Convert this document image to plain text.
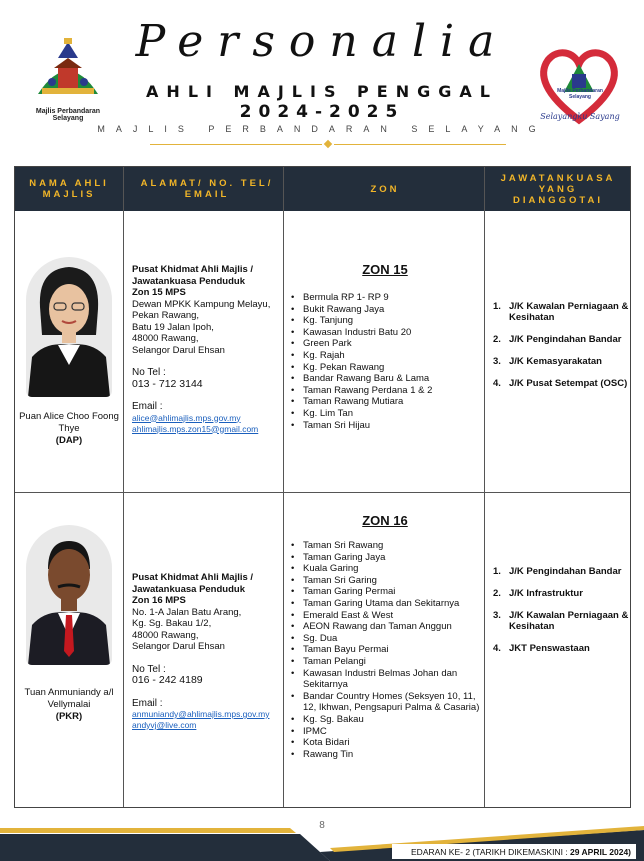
Majlis Perbandaran Selayang
Personalia
AHLI MAJLIS PENGGAL
2024-2025
MAJLIS PERBANDARAN SELAYANG
Majlis Perbandaran Selayang
Selayangku Sayang
NAMA AHLI MAJLIS
ALAMAT/ NO. TEL/ EMAIL	ZON
JAWATANKUASA YANG DIANGGOTAI
Puan Alice Choo Foong Thye
(DAP)
Pusat Khidmat Ahli Majlis / Jawatankuasa Penduduk
Zon 15 MPS
Dewan MPKK Kampung Melayu,
Pekan Rawang,
Batu 19 Jalan Ipoh,
48000 Rawang,
Selangor Darul Ehsan
No Tel :
013 - 712 3144
Email :
alice@ahlimajlis.mps.gov.my
ahlimajlis.mps.zon15@gmail.com
ZON 15
• Bermula RP 1- RP 9
• Bukit Rawang Jaya
• Kg. Tanjung
• Kawasan Industri Batu 20
• Green Park
• Kg. Rajah
• Kg. Pekan Rawang
• Bandar Rawang Baru & Lama
• Taman Rawang Perdana 1 & 2
• Taman Rawang Mutiara
• Kg. Lim Tan
• Taman Sri Hijau
1. J/K Kawalan Perniagaan & Kesihatan
2. J/K Pengindahan Bandar
3. J/K Kemasyarakatan
4. J/K Pusat Setempat (OSC)
Tuan Anmuniandy a/l Vellymalai
(PKR)
Pusat Khidmat Ahli Majlis / Jawatankuasa Penduduk
Zon 16 MPS
No. 1-A Jalan Batu Arang,
Kg. Sg. Bakau 1/2,
48000 Rawang,
Selangor Darul Ehsan
No Tel :
016 - 242 4189
Email :
anmuniandy@ahlimajlis.mps.gov.my
andyvj@live.com
ZON 16
• Taman Sri Rawang
• Taman Garing Jaya
• Kuala Garing
• Taman Sri Garing
• Taman Garing Permai
• Taman Garing Utama dan Sekitarnya
• Emerald East & West
• AEON Rawang dan Taman Anggun
• Sg. Dua
• Taman Bayu Permai
• Taman Pelangi
• Kawasan Industri Belmas Johan dan Sekitarnya
• Bandar Country Homes (Seksyen 10, 11, 12, Ikhwan, Pengsapuri Palma & Casaria)
• Kg. Sg. Bakau
• IPMC
• Kota Bidari
• Rawang Tin
1. J/K Pengindahan Bandar
2. J/K Infrastruktur
3. J/K Kawalan Perniagaan & Kesihatan
4. JKT Penswastaan
8
EDARAN KE- 2 (TARIKH DIKEMASKINI : 29 APRIL 2024)
